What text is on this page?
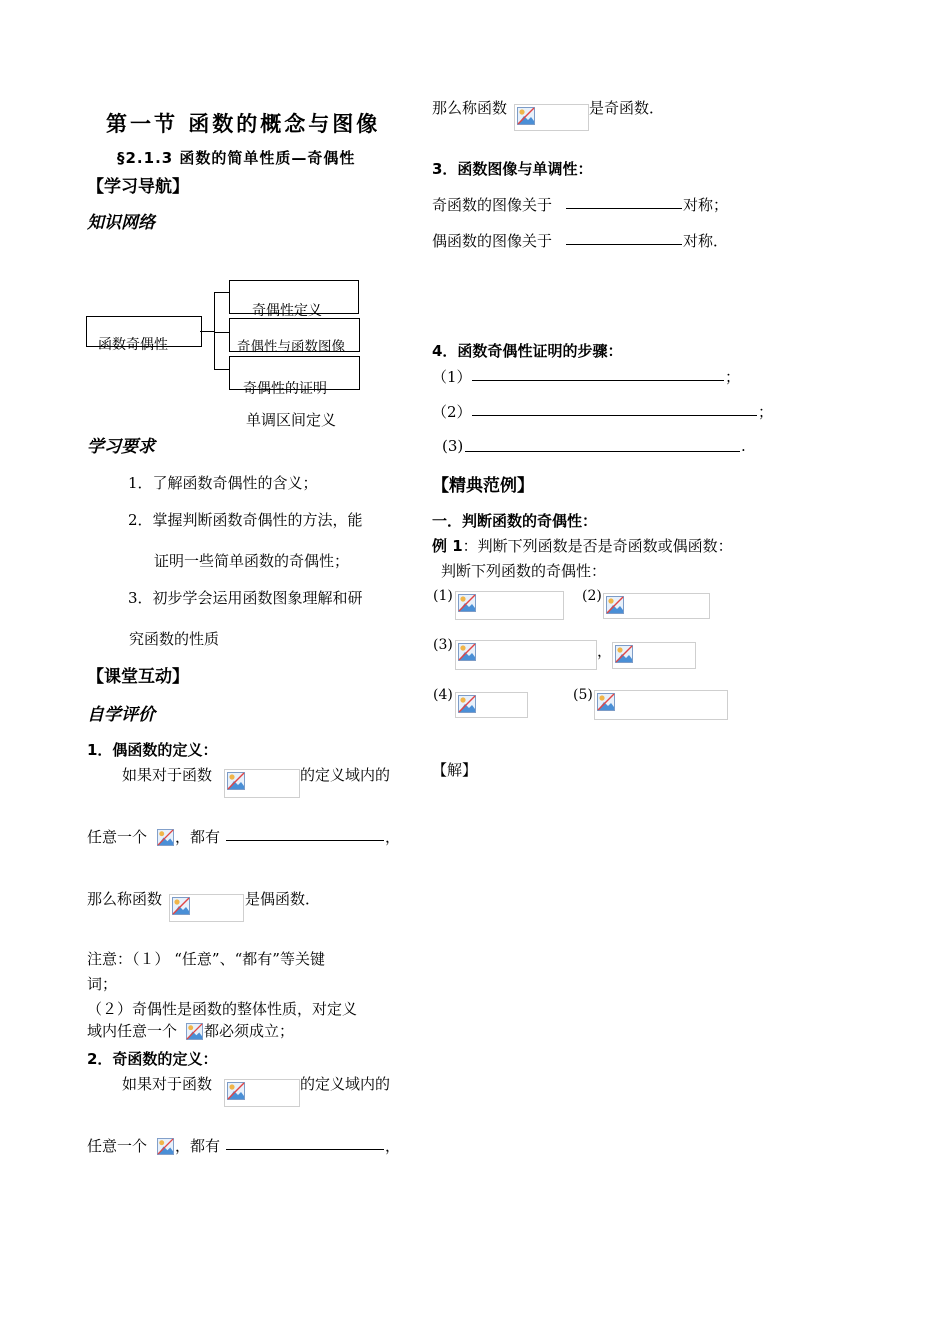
第一节 函数的概念与图像
§2.1.3 函数的简单性质—奇偶性
【学习导航】
知识网络
函数奇偶性
奇偶性定义
奇偶性与函数图像
奇偶性的证明
单调区间定义
学习要求
1．了解函数奇偶性的含义；
2．掌握判断函数奇偶性的方法，能
证明一些简单函数的奇偶性；
3．初步学会运用函数图象理解和研
究函数的性质
【课堂互动】
自学评价
1．偶函数的定义：
如果对于函数	的定义域内的
任意一个 ，都有	，
那么称函数	是偶函数．
注意：（１） “任意”、“都有”等关键
词；
（２）奇偶性是函数的整体性质，对定义
域内任意一个 都必须成立；
2．奇函数的定义：
如果对于函数	的定义域内的
任意一个 ，都有	，
那么称函数	是奇函数．
3．函数图像与单调性：
奇函数的图像关于	对称；
偶函数的图像关于	对称．
4．函数奇偶性证明的步骤：
（1）	；
（2）	；
(3)	.
【精典范例】
一．判断函数的奇偶性：
例 1：判断下列函数是否是奇函数或偶函数：
判断下列函数的奇偶性：
(1)	(2)
(3)	，
(4)	(5)
【解】
